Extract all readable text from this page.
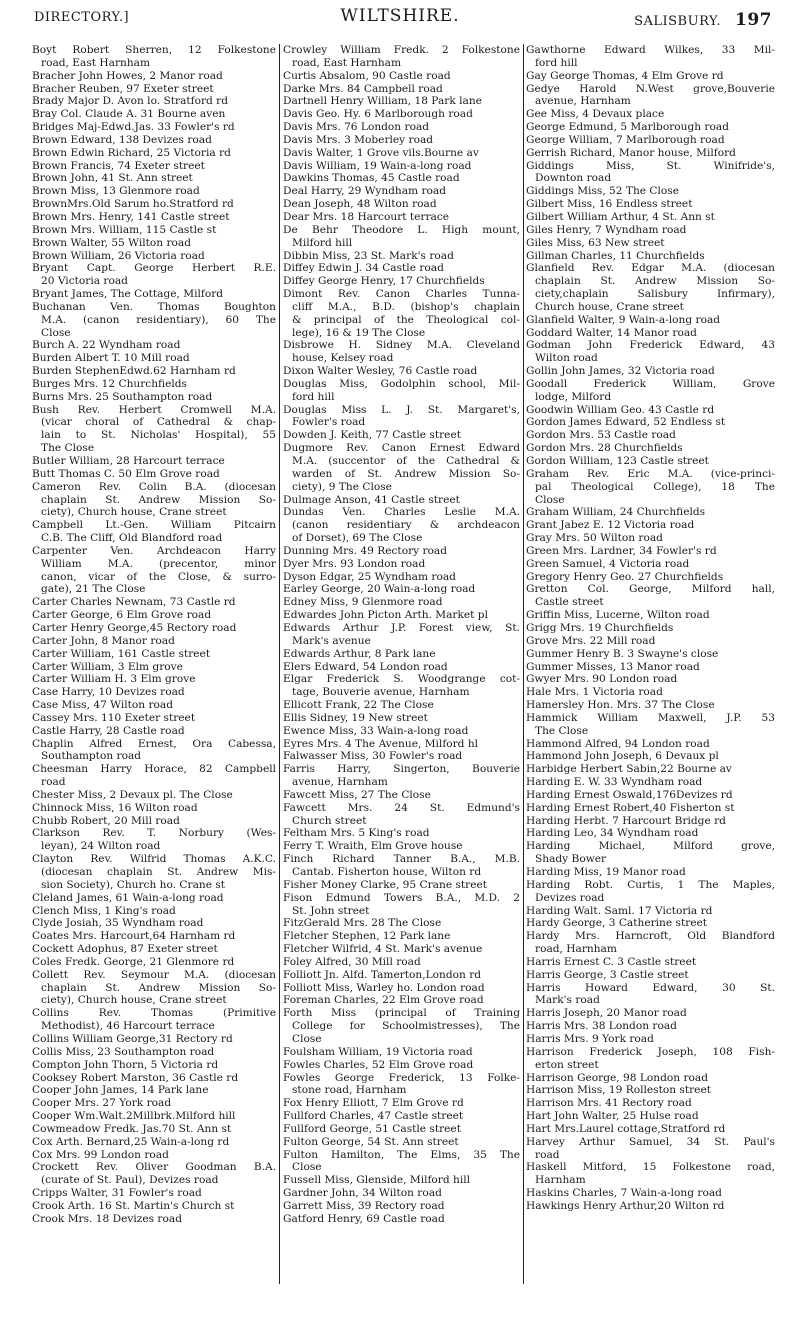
DIRECTORY.]	WILTSHIRE.	SALISBURY. 197
Boyt Robert Sherren, 12 Folkestone
road, East Harnham
Bracher John Howes, 2 Manor road
Bracher Reuben, 97 Exeter street
Brady Major D. Avon lo. Stratford rd
Bray Col. Claude A. 31 Bourne aven
Bridges Maj-Edwd.Jas. 33 Fowler's rd
Brown Edward, 138 Devizes road
Brown Edwin Richard, 25 Victoria rd
Brown Francis, 74 Exeter street
Brown John, 41 St. Ann street
Brown Miss, 13 Glenmore road
BrownMrs.Old Sarum ho.Stratford rd
Brown Mrs. Henry, 141 Castle street
Brown Mrs. William, 115 Castle st
Brown Walter, 55 Wilton road
Brown William, 26 Victoria road
Bryant Capt. George Herbert R.E.
20 Victoria road
Bryant James, The Cottage, Milford
Buchanan Ven. Thomas Boughton
M.A. (canon residentiary), 60 The
Close
Burch A. 22 Wyndham road
Burden Albert T. 10 Mill road
Burden StephenEdwd.62 Harnham rd
Burges Mrs. 12 Churchfields
Burns Mrs. 25 Southampton road
Bush Rev. Herbert Cromwell M.A.
(vicar choral of Cathedral & chap-
lain to St. Nicholas' Hospital), 55
The Close
Butler William, 28 Harcourt terrace
Butt Thomas C. 50 Elm Grove road
Cameron Rev. Colin B.A. (diocesan
chaplain St. Andrew Mission So-
ciety), Church house, Crane street
Campbell Lt.-Gen. William Pitcairn
C.B. The Cliff, Old Blandford road
Carpenter Ven. Archdeacon Harry
William M.A. (precentor, minor
canon, vicar of the Close, & surro-
gate), 21 The Close
Carter Charles Newnam, 73 Castle rd
Carter George, 6 Elm Grove road
Carter Henry George,45 Rectory road
Carter John, 8 Manor road
Carter William, 161 Castle street
Carter William, 3 Elm grove
Carter William H. 3 Elm grove
Case Harry, 10 Devizes road
Case Miss, 47 Wilton road
Cassey Mrs. 110 Exeter street
Castle Harry, 28 Castle road
Chaplin Alfred Ernest, Ora Cabessa,
Southampton road
Cheesman Harry Horace, 82 Campbell
road
Chester Miss, 2 Devaux pl. The Close
Chinnock Miss, 16 Wilton road
Chubb Robert, 20 Mill road
Clarkson Rev. T. Norbury (Wes-
leyan), 24 Wilton road
Clayton Rev. Wilfrid Thomas A.K.C.
(diocesan chaplain St. Andrew Mis-
sion Society), Church ho. Crane st
Cleland James, 61 Wain-a-long road
Clench Miss, 1 King's road
Clyde Josiah, 35 Wyndham road
Coates Mrs. Harcourt,64 Harnham rd
Cockett Adophus, 87 Exeter street
Coles Fredk. George, 21 Glenmore rd
Collett Rev. Seymour M.A. (diocesan
chaplain St. Andrew Mission So-
ciety), Church house, Crane street
Collins Rev. Thomas (Primitive
Methodist), 46 Harcourt terrace
Collins William George,31 Rectory rd
Collis Miss, 23 Southampton road
Compton John Thorn, 5 Victoria rd
Cooksey Robert Marston, 36 Castle rd
Cooper John James, 14 Park lane
Cooper Mrs. 27 York road
Cooper Wm.Walt.2Millbrk.Milford hill
Cowmeadow Fredk. Jas.70 St. Ann st
Cox Arth. Bernard,25 Wain-a-long rd
Cox Mrs. 99 London road
Crockett Rev. Oliver Goodman B.A.
(curate of St. Paul), Devizes road
Cripps Walter, 31 Fowler's road
Crook Arth. 16 St. Martin's Church st
Crook Mrs. 18 Devizes road
Crowley William Fredk. 2 Folkestone
road, East Harnham
Curtis Absalom, 90 Castle road
Darke Mrs. 84 Campbell road
Dartnell Henry William, 18 Park lane
Davis Geo. Hy. 6 Marlborough road
Davis Mrs. 76 London road
Davis Mrs. 3 Moberley road
Davis Walter, 1 Grove vils.Bourne av
Davis William, 19 Wain-a-long road
Dawkins Thomas, 45 Castle road
Deal Harry, 29 Wyndham road
Dean Joseph, 48 Wilton road
Dear Mrs. 18 Harcourt terrace
De Behr Theodore L. High mount,
Milford hill
Dibbin Miss, 23 St. Mark's road
Diffey Edwin J. 34 Castle road
Diffey George Henry, 17 Churchfields
Dimont Rev. Canon Charles Tunna-
cliff M.A., B.D. (bishop's chaplain
& principal of the Theological col-
lege), 16 & 19 The Close
Disbrowe H. Sidney M.A. Cleveland
house, Kelsey road
Dixon Walter Wesley, 76 Castle road
Douglas Miss, Godolphin school, Mil-
ford hill
Douglas Miss L. J. St. Margaret's,
Fowler's road
Dowden J. Keith, 77 Castle street
Dugmore Rev. Canon Ernest Edward
M.A. (succentor of the Cathedral &
warden of St. Andrew Mission So-
ciety), 9 The Close
Dulmage Anson, 41 Castle street
Dundas Ven. Charles Leslie M.A.
(canon residentiary & archdeacon
of Dorset), 69 The Close
Dunning Mrs. 49 Rectory road
Dyer Mrs. 93 London road
Dyson Edgar, 25 Wyndham road
Earley George, 20 Wain-a-long road
Edney Miss, 9 Glenmore road
Edwardes John Picton Arth. Market pl
Edwards Arthur J.P. Forest view, St.
Mark's avenue
Edwards Arthur, 8 Park lane
Elers Edward, 54 London road
Elgar Frederick S. Woodgrange cot-
tage, Bouverie avenue, Harnham
Ellicott Frank, 22 The Close
Ellis Sidney, 19 New street
Ewence Miss, 33 Wain-a-long road
Eyres Mrs. 4 The Avenue, Milford hl
Falwasser Miss, 30 Fowler's road
Farris Harry, Singerton, Bouverie
avenue, Harnham
Fawcett Miss, 27 The Close
Fawcett Mrs. 24 St. Edmund's
Church street
Feltham Mrs. 5 King's road
Ferry T. Wraith, Elm Grove house
Finch Richard Tanner B.A., M.B.
Cantab. Fisherton house, Wilton rd
Fisher Money Clarke, 95 Crane street
Fison Edmund Towers B.A., M.D. 2
St. John street
FitzGerald Mrs. 28 The Close
Fletcher Stephen, 12 Park lane
Fletcher Wilfrid, 4 St. Mark's avenue
Foley Alfred, 30 Mill road
Folliott Jn. Alfd. Tamerton,London rd
Folliott Miss, Warley ho. London road
Foreman Charles, 22 Elm Grove road
Forth Miss (principal of Training
College for Schoolmistresses), The
Close
Foulsham William, 19 Victoria road
Fowles Charles, 52 Elm Grove road
Fowles George Frederick, 13 Folke-
stone road, Harnham
Fox Henry Elliott, 7 Elm Grove rd
Fullford Charles, 47 Castle street
Fullford George, 51 Castle street
Fulton George, 54 St. Ann street
Fulton Hamilton, The Elms, 35 The
Close
Fussell Miss, Glenside, Milford hill
Gardner John, 34 Wilton road
Garrett Miss, 39 Rectory road
Gatford Henry, 69 Castle road
Gawthorne Edward Wilkes, 33 Mil-
ford hill
Gay George Thomas, 4 Elm Grove rd
Gedye Harold N.West grove,Bouverie
avenue, Harnham
Gee Miss, 4 Devaux place
George Edmund, 5 Marlborough road
George William, 7 Marlborough road
Gerrish Richard, Manor house, Milford
Giddings Miss, St. Winifride's,
Downton road
Giddings Miss, 52 The Close
Gilbert Miss, 16 Endless street
Gilbert William Arthur, 4 St. Ann st
Giles Henry, 7 Wyndham road
Giles Miss, 63 New street
Gillman Charles, 11 Churchfields
Glanfield Rev. Edgar M.A. (diocesan
chaplain St. Andrew Mission So-
ciety,chaplain Salisbury Infirmary),
Church house, Crane street
Glanfield Walter, 9 Wain-a-long road
Goddard Walter, 14 Manor road
Godman John Frederick Edward, 43
Wilton road
Gollin John James, 32 Victoria road
Goodall Frederick William, Grove
lodge, Milford
Goodwin William Geo. 43 Castle rd
Gordon James Edward, 52 Endless st
Gordon Mrs. 53 Castle road
Gordon Mrs. 28 Churchfields
Gordon William, 123 Castle street
Graham Rev. Eric M.A. (vice-princi-
pal Theological College), 18 The
Close
Graham William, 24 Churchfields
Grant Jabez E. 12 Victoria road
Gray Mrs. 50 Wilton road
Green Mrs. Lardner, 34 Fowler's rd
Green Samuel, 4 Victoria road
Gregory Henry Geo. 27 Churchfields
Gretton Col. George, Milford hall,
Castle street
Griffin Miss, Lucerne, Wilton road
Grigg Mrs. 19 Churchfields
Grove Mrs. 22 Mill road
Gummer Henry B. 3 Swayne's close
Gummer Misses, 13 Manor road
Gwyer Mrs. 90 London road
Hale Mrs. 1 Victoria road
Hamersley Hon. Mrs. 37 The Close
Hammick William Maxwell, J.P. 53
The Close
Hammond Alfred, 94 London road
Hammond John Joseph, 6 Devaux pl
Harbidge Herbert Sabin,22 Bourne av
Harding E. W. 33 Wyndham road
Harding Ernest Oswald,176Devizes rd
Harding Ernest Robert,40 Fisherton st
Harding Herbt. 7 Harcourt Bridge rd
Harding Leo, 34 Wyndham road
Harding Michael, Milford grove,
Shady Bower
Harding Miss, 19 Manor road
Harding Robt. Curtis, 1 The Maples,
Devizes road
Harding Walt. Saml. 17 Victoria rd
Hardy George, 3 Catherine street
Hardy Mrs. Harncroft, Old Blandford
road, Harnham
Harris Ernest C. 3 Castle street
Harris George, 3 Castle street
Harris Howard Edward, 30 St.
Mark's road
Harris Joseph, 20 Manor road
Harris Mrs. 38 London road
Harris Mrs. 9 York road
Harrison Frederick Joseph, 108 Fish-
erton street
Harrison George, 98 London road
Harrison Miss, 19 Rolleston street
Harrison Mrs. 41 Rectory road
Hart John Walter, 25 Hulse road
Hart Mrs.Laurel cottage,Stratford rd
Harvey Arthur Samuel, 34 St. Paul's
road
Haskell Mitford, 15 Folkestone road,
Harnham
Haskins Charles, 7 Wain-a-long road
Hawkings Henry Arthur,20 Wilton rd
